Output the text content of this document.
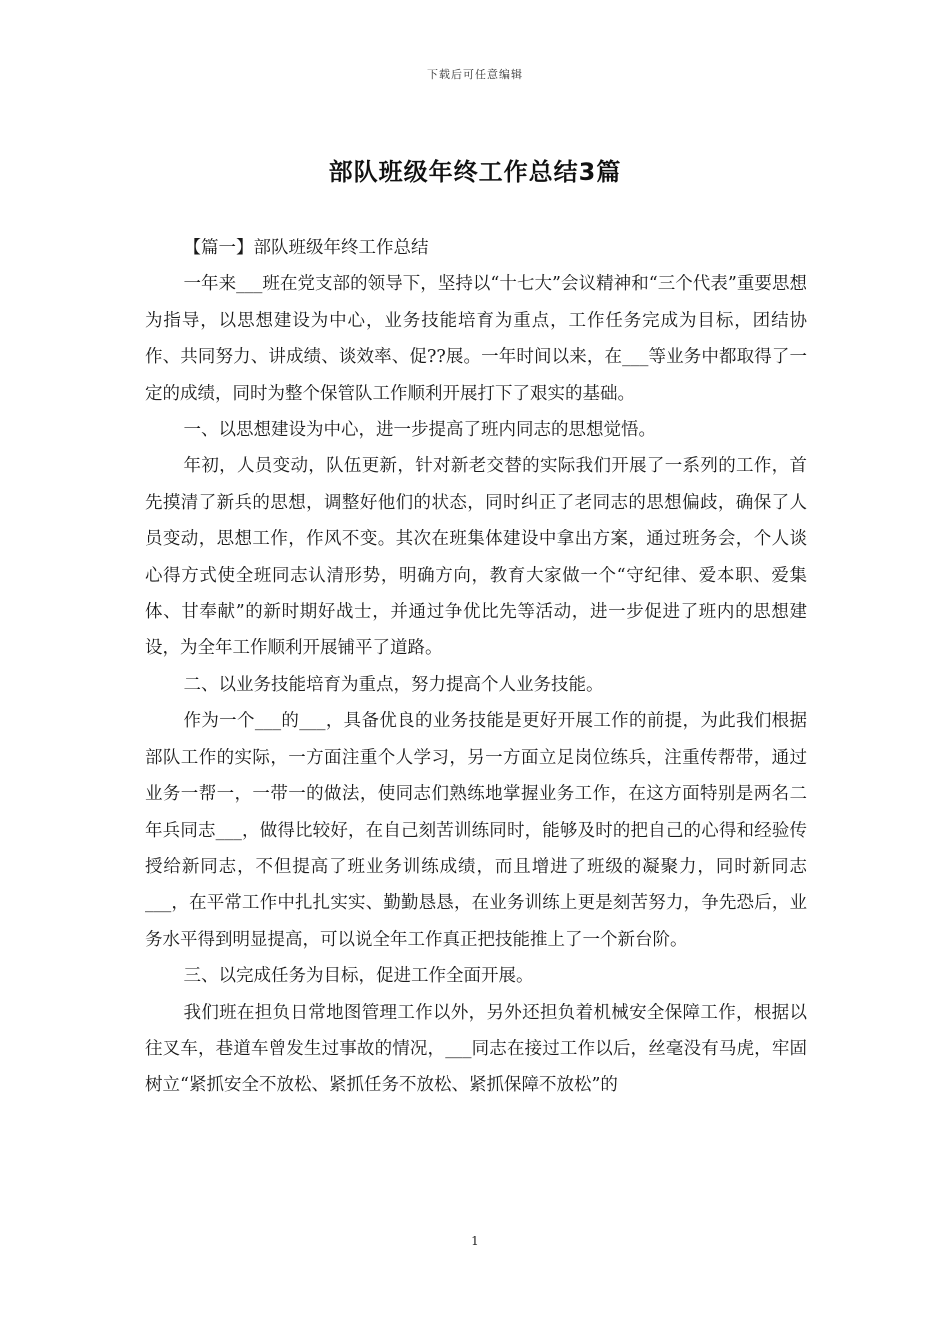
下载后可任意编辑
部队班级年终工作总结3篇

【篇一】部队班级年终工作总结

一年来___班在党支部的领导下，坚持以“十七大”会议精神和“三个代表”重要思想为指导，以思想建设为中心，业务技能培育为重点，工作任务完成为目标，团结协作、共同努力、讲成绩、谈效率、促??展。一年时间以来，在___等业务中都取得了一定的成绩，同时为整个保管队工作顺利开展打下了艰实的基础。

一、以思想建设为中心，进一步提高了班内同志的思想觉悟。

年初，人员变动，队伍更新，针对新老交替的实际我们开展了一系列的工作，首先摸清了新兵的思想，调整好他们的状态，同时纠正了老同志的思想偏歧，确保了人员变动，思想工作，作风不变。其次在班集体建设中拿出方案，通过班务会，个人谈心得方式使全班同志认清形势，明确方向，教育大家做一个“守纪律、爱本职、爱集体、甘奉献”的新时期好战士，并通过争优比先等活动，进一步促进了班内的思想建设，为全年工作顺利开展铺平了道路。

二、以业务技能培育为重点，努力提高个人业务技能。

作为一个___的___，具备优良的业务技能是更好开展工作的前提，为此我们根据部队工作的实际，一方面注重个人学习，另一方面立足岗位练兵，注重传帮带，通过业务一帮一，一带一的做法，使同志们熟练地掌握业务工作，在这方面特别是两名二年兵同志___，做得比较好，在自己刻苦训练同时，能够及时的把自己的心得和经验传授给新同志，不但提高了班业务训练成绩，而且增进了班级的凝聚力，同时新同志___，在平常工作中扎扎实实、勤勤恳恳，在业务训练上更是刻苦努力，争先恐后，业务水平得到明显提高，可以说全年工作真正把技能推上了一个新台阶。

三、以完成任务为目标，促进工作全面开展。

我们班在担负日常地图管理工作以外，另外还担负着机械安全保障工作，根据以往叉车，巷道车曾发生过事故的情况，___同志在接过工作以后，丝毫没有马虎，牢固树立“紧抓安全不放松、紧抓任务不放松、紧抓保障不放松”的

1
